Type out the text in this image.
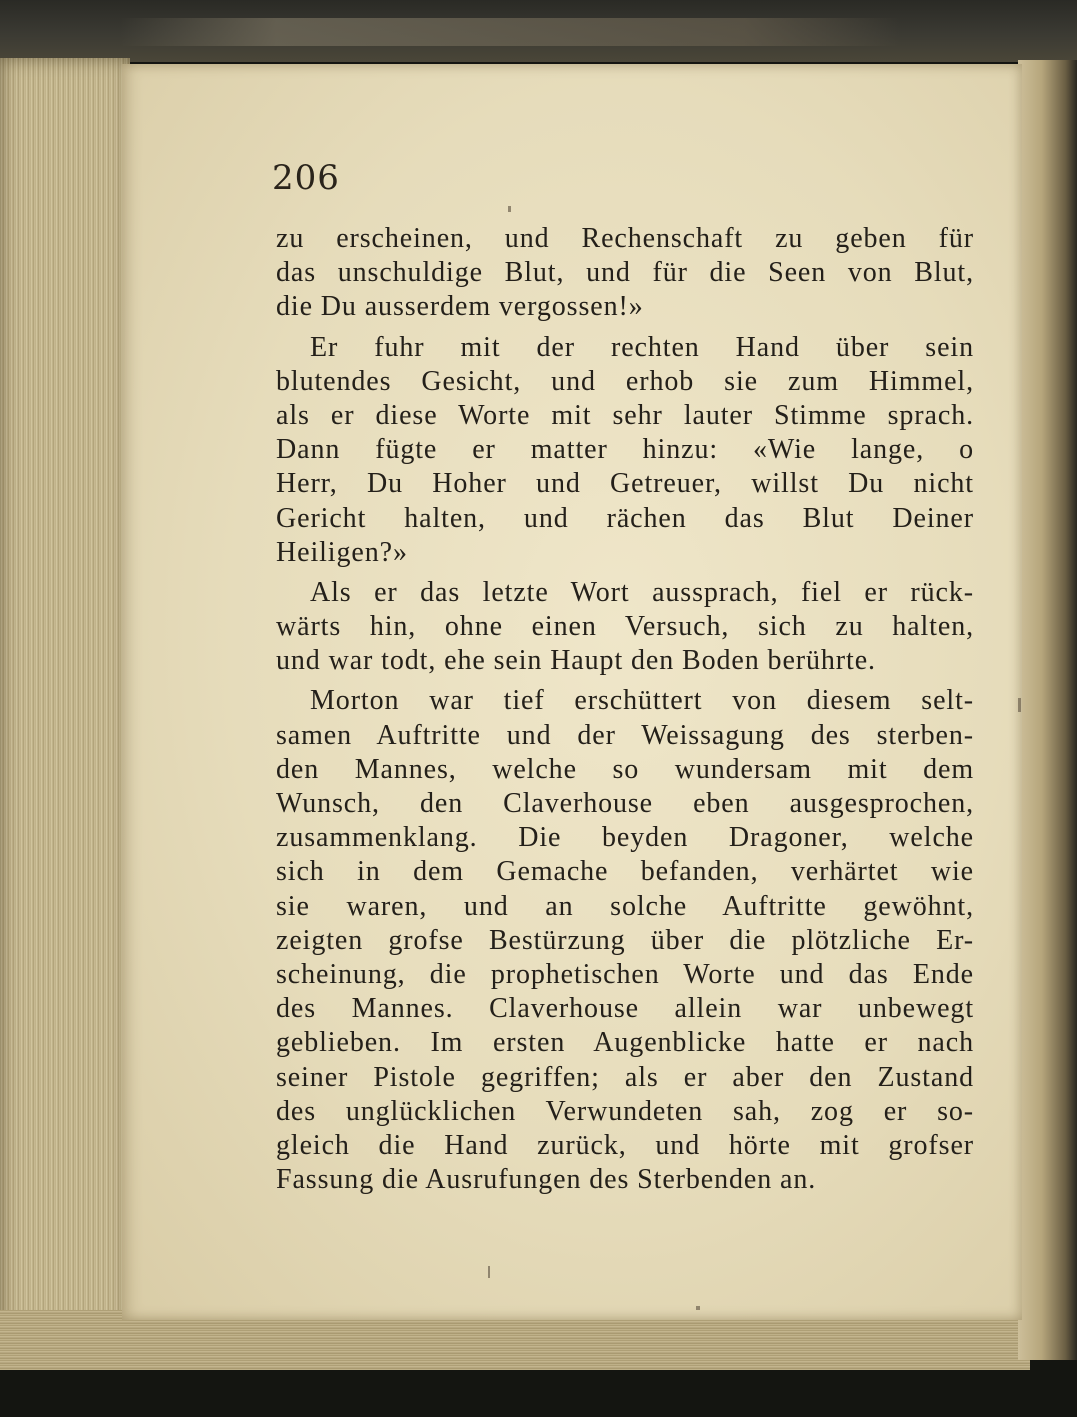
206
zu erscheinen, und Rechenschaft zu geben für
das unschuldige Blut, und für die Seen von Blut,
die Du ausserdem vergossen!»
Er fuhr mit der rechten Hand über sein
blutendes Gesicht, und erhob sie zum Himmel,
als er diese Worte mit sehr lauter Stimme sprach.
Dann fügte er matter hinzu: «Wie lange, o
Herr, Du Hoher und Getreuer, willst Du nicht
Gericht halten, und rächen das Blut Deiner
Heiligen?»
Als er das letzte Wort aussprach, fiel er rück-
wärts hin, ohne einen Versuch, sich zu halten,
und war todt, ehe sein Haupt den Boden berührte.
Morton war tief erschüttert von diesem selt-
samen Auftritte und der Weissagung des sterben-
den Mannes, welche so wundersam mit dem
Wunsch, den Claverhouse eben ausgesprochen,
zusammenklang. Die beyden Dragoner, welche
sich in dem Gemache befanden, verhärtet wie
sie waren, und an solche Auftritte gewöhnt,
zeigten grofse Bestürzung über die plötzliche Er-
scheinung, die prophetischen Worte und das Ende
des Mannes. Claverhouse allein war unbewegt
geblieben. Im ersten Augenblicke hatte er nach
seiner Pistole gegriffen; als er aber den Zustand
des unglücklichen Verwundeten sah, zog er so-
gleich die Hand zurück, und hörte mit grofser
Fassung die Ausrufungen des Sterbenden an.
